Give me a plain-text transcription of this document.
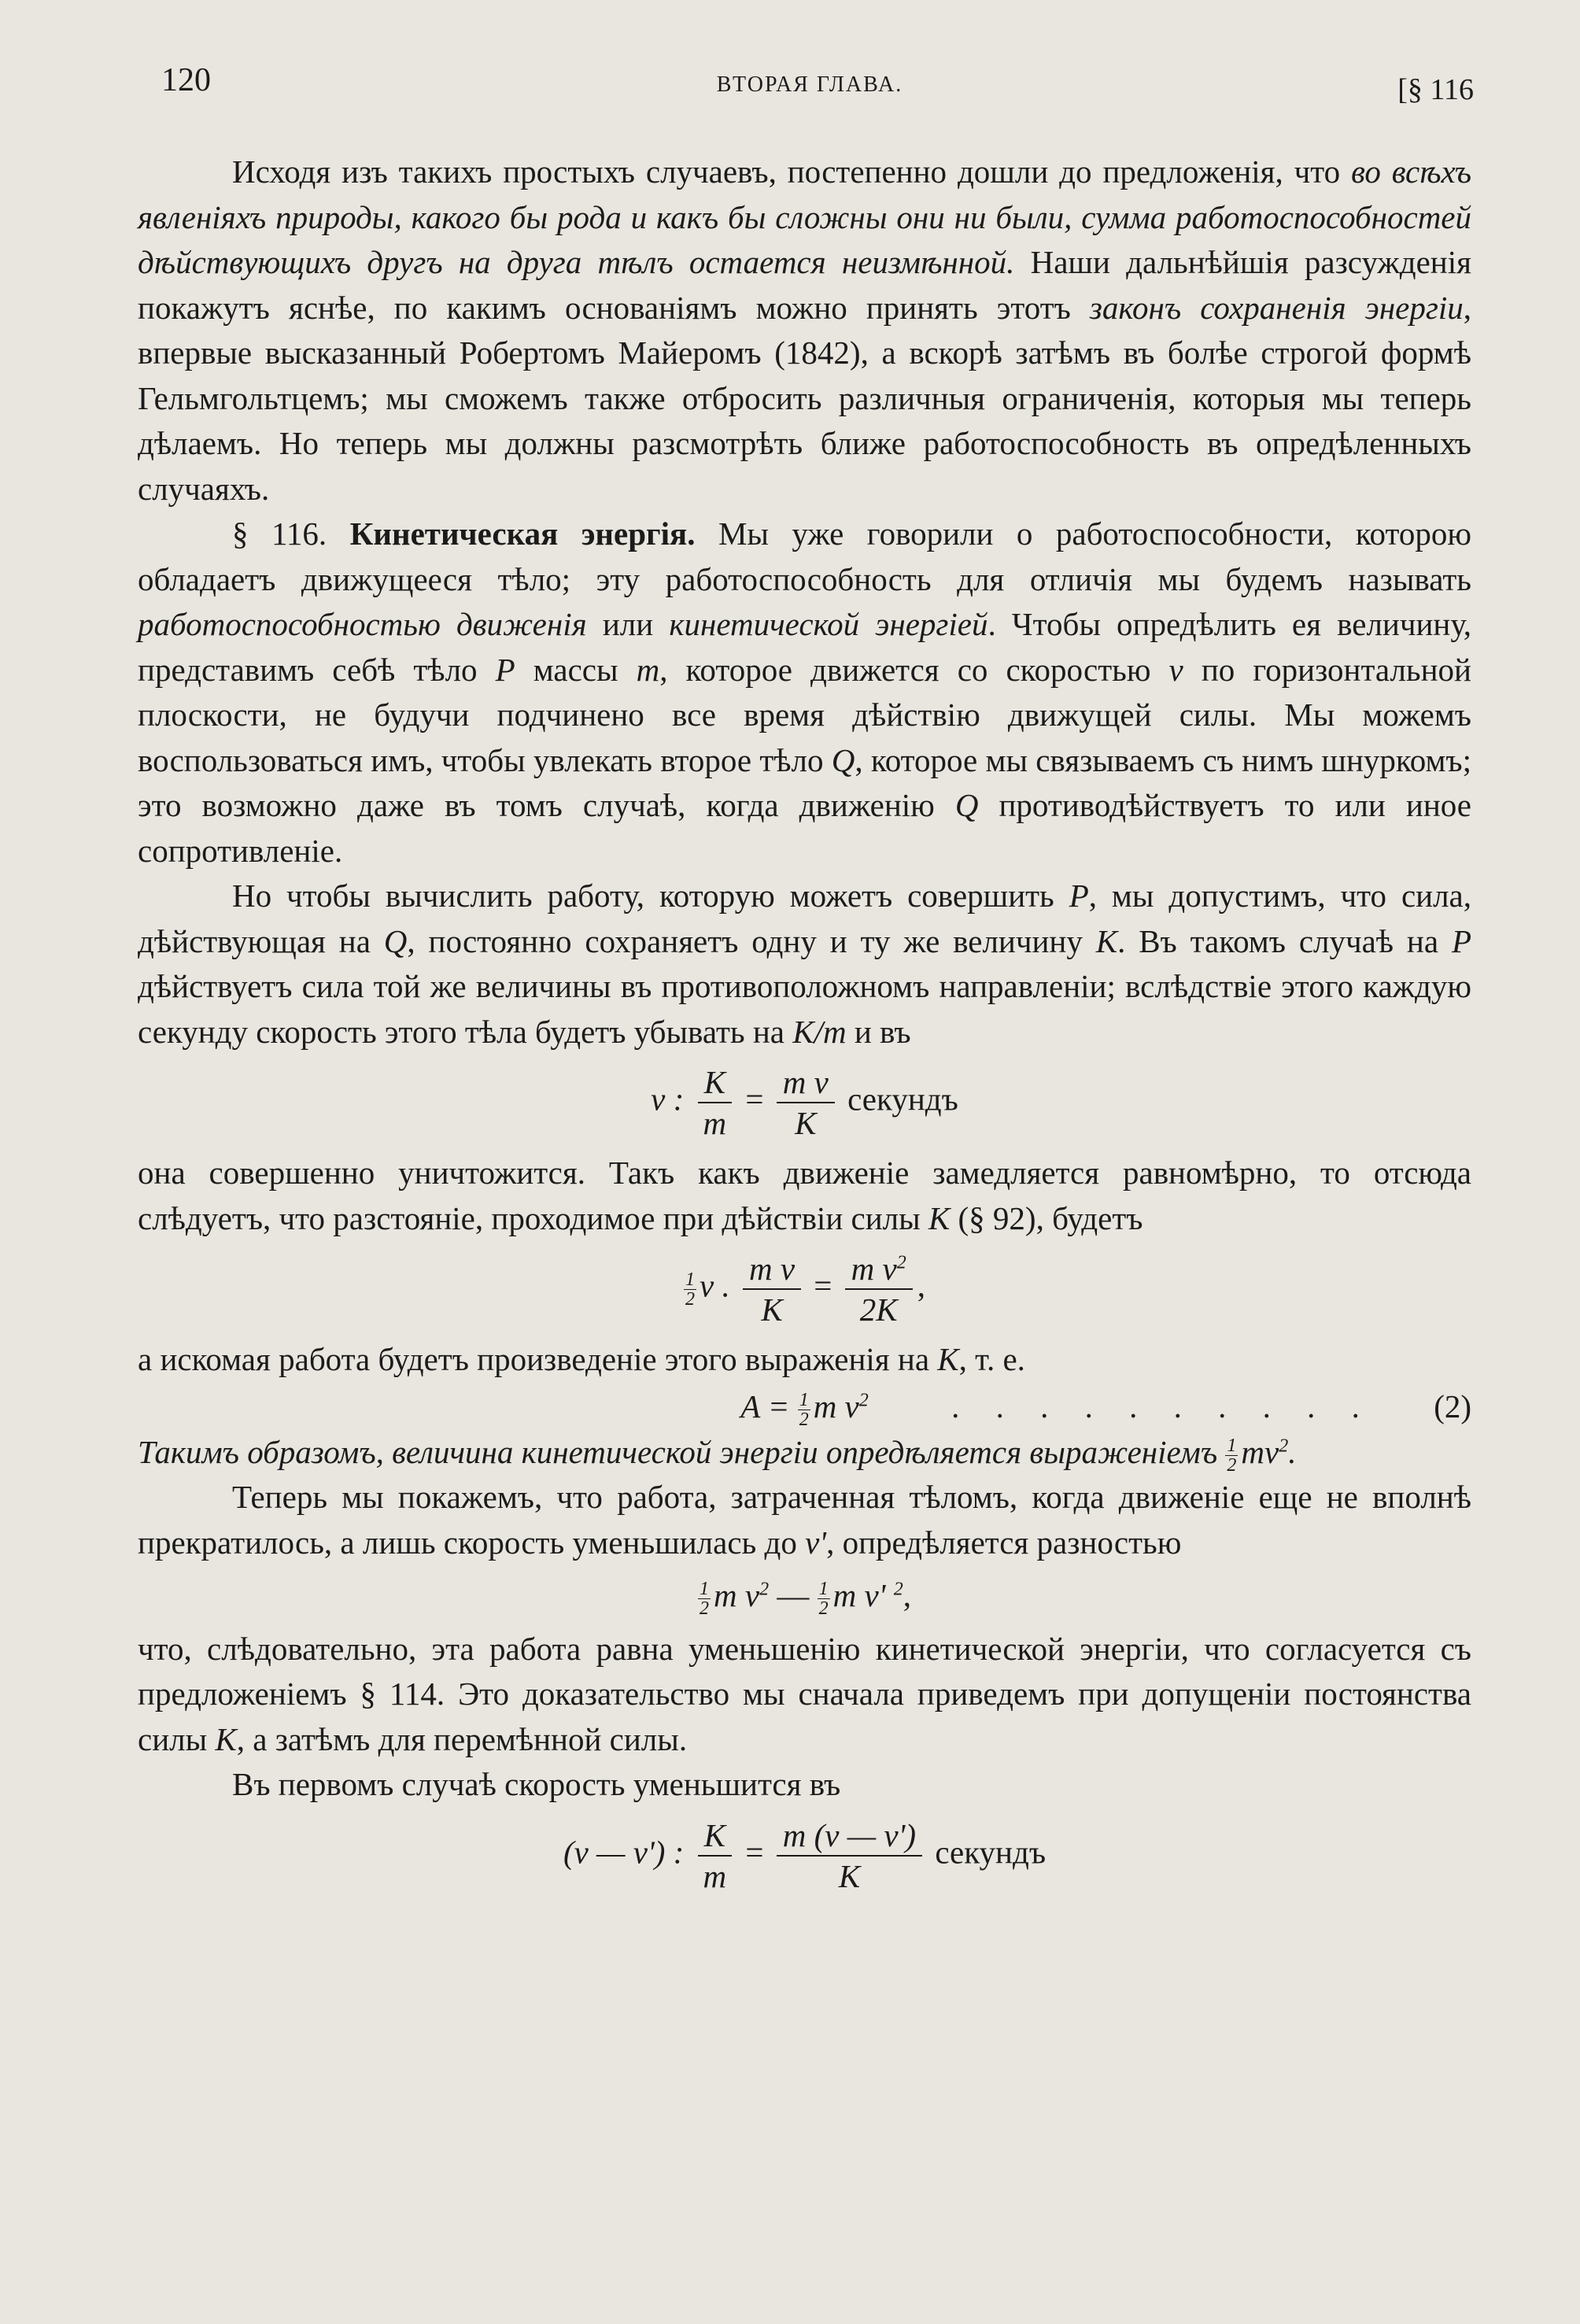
120	ВТОРАЯ ГЛАВА.	[§ 116

Исходя изъ такихъ простыхъ случаевъ, постепенно дошли до предложенія, что во всѣхъ явленіяхъ природы, какого бы рода и какъ бы сложны они ни были, сумма работоспособностей дѣйствующихъ другъ на друга тѣлъ остается неизмѣнной. Наши дальнѣйшія разсужденія покажутъ яснѣе, по какимъ основаніямъ можно принять этотъ законъ сохраненія энергіи, впервые высказанный Робертомъ Майеромъ (1842), а вскорѣ затѣмъ въ болѣе строгой формѣ Гельмгольтцемъ; мы сможемъ также отбросить различныя ограниченія, которыя мы теперь дѣлаемъ. Но теперь мы должны разсмотрѣть ближе работоспособность въ опредѣленныхъ случаяхъ.

§ 116. Кинетическая энергія. Мы уже говорили о работоспособности, которою обладаетъ движущееся тѣло; эту работоспособность для отличія мы будемъ называть работоспособностью движенія или кинетической энергіей. Чтобы опредѣлить ея величину, представимъ себѣ тѣло P массы m, которое движется со скоростью v по горизонтальной плоскости, не будучи подчинено все время дѣйствію движущей силы. Мы можемъ воспользоваться имъ, чтобы увлекать второе тѣло Q, которое мы связываемъ съ нимъ шнуркомъ; это возможно даже въ томъ случаѣ, когда движенію Q противодѣйствуетъ то или иное сопротивленіе.

Но чтобы вычислить работу, которую можетъ совершить P, мы допустимъ, что сила, дѣйствующая на Q, постоянно сохраняетъ одну и ту же величину K. Въ такомъ случаѣ на P дѣйствуетъ сила той же величины въ противоположномъ направленіи; вслѣдствіе этого каждую секунду скорость этого тѣла будетъ убывать на K/m и въ

v : $\frac{K}{m} = \frac{\text{m v}}{K}$ секундъ

она совершенно уничтожится. Такъ какъ движеніе замедляется равномѣрно, то отсюда слѣдуетъ, что разстояніе, проходимое при дѣйствіи силы K (§ 92), будетъ

$\frac{1}{2}$ v . $\frac{\text{m v}}{K} = \frac{m v^2}{2K}$ ,

а искомая работа будетъ произведеніе этого выраженія на K, т. е.

$A = \frac{1}{2}$ m $v^2$	. . . . . . . . . .	(2)

Такимъ образомъ, величина кинетической энергіи опредѣляется выраженіемъ $\frac{1}{2} mv^2$.

Теперь мы покажемъ, что работа, затраченная тѣломъ, когда движеніе еще не вполнѣ прекратилось, а лишь скорость уменьшилась до v', опредѣляется разностью

$\frac{1}{2}$ m $v^2$ — $\frac{1}{2}$ m v' $^2$,

что, слѣдовательно, эта работа равна уменьшенію кинетической энергіи, что согласуется съ предложеніемъ § 114. Это доказательство мы сначала приведемъ при допущеніи постоянства силы K, а затѣмъ для перемѣнной силы.

Въ первомъ случаѣ скорость уменьшится въ

(v — v') : $\frac{K}{m} = \frac{m (v — v')}{K}$ секундъ
